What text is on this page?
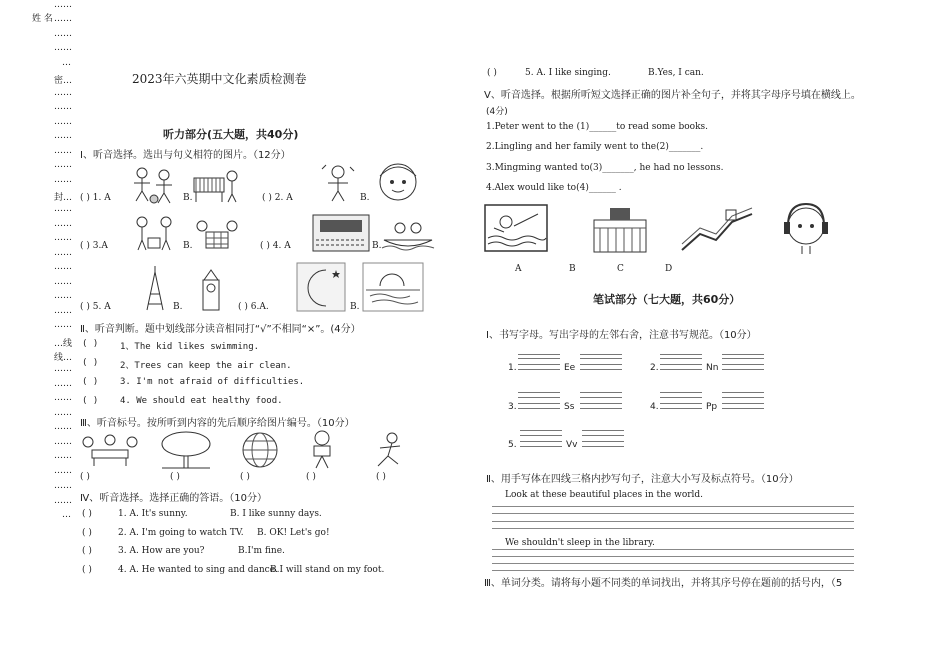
姓 名
……
……
……
……
…
密…
……
……
……
……
……
……
……
封…
……
……
……
……
……
……
……
……
……
…线
线…
……
……
……
……
……
……
……
……
……
……
…
2023年六英期中文化素质检测卷
听力部分(五大题，共40分)
Ⅰ、听音选择。选出与句义相符的图片。（12分）
( ) 1. A	B.	( ) 2. A	B.
( ) 3.A	B.	( ) 4. A	B.
( ) 5. A	B.	( ) 6.A.	B.
Ⅱ、听音判断。题中划线部分读音相同打“√”不相同“×”。(4分）
( ) 1、The kid likes swimming.
( ) 2、Trees can keep the air clean.
( ) 3. I'm not afraid of difficulties.
( ) 4. We should eat healthy food.
Ⅲ、听音标号。按所听到内容的先后顺序给图片编号。（10分）
( )	( )	( )	( )	( )
Ⅳ、听音选择。选择正确的答语。（10分）
( )	1. A. It's sunny.	B. I like sunny days.
( )	2. A. I'm going to watch TV. B. OK! Let's go!
( )	3. A. How are you?	B.I'm fine.
( )	4. A. He wanted to sing and dance.
B.I will stand on my foot.
( )	5. A. I like singing.	B.Yes, I can.
Ⅴ、听音选择。根据所听短文选择正确的图片补全句子，并将其字母序号填在横线上。
(4分)
1.Peter went to the (1)______to read some books.
2.Lingling and her family went to the(2)_______.
3.Mingming wanted to(3)_______, he had no lessons.
4.Alex would like to(4)______ .
A	B	C	D
笔试部分（七大题，共60分）
Ⅰ、书写字母。写出字母的左邻右舍，注意书写规范。（10分）
1.	Ee	2.	Nn
3.	Ss	4.	Pp
5.	Vv
Ⅱ、用手写体在四线三格内抄写句子，注意大小写及标点符号。（10分）
Look at these beautiful places in the world.
We shouldn't sleep in the library.
Ⅲ、单词分类。请将每小题不同类的单词找出，并将其序号停在题前的括号内，（5
